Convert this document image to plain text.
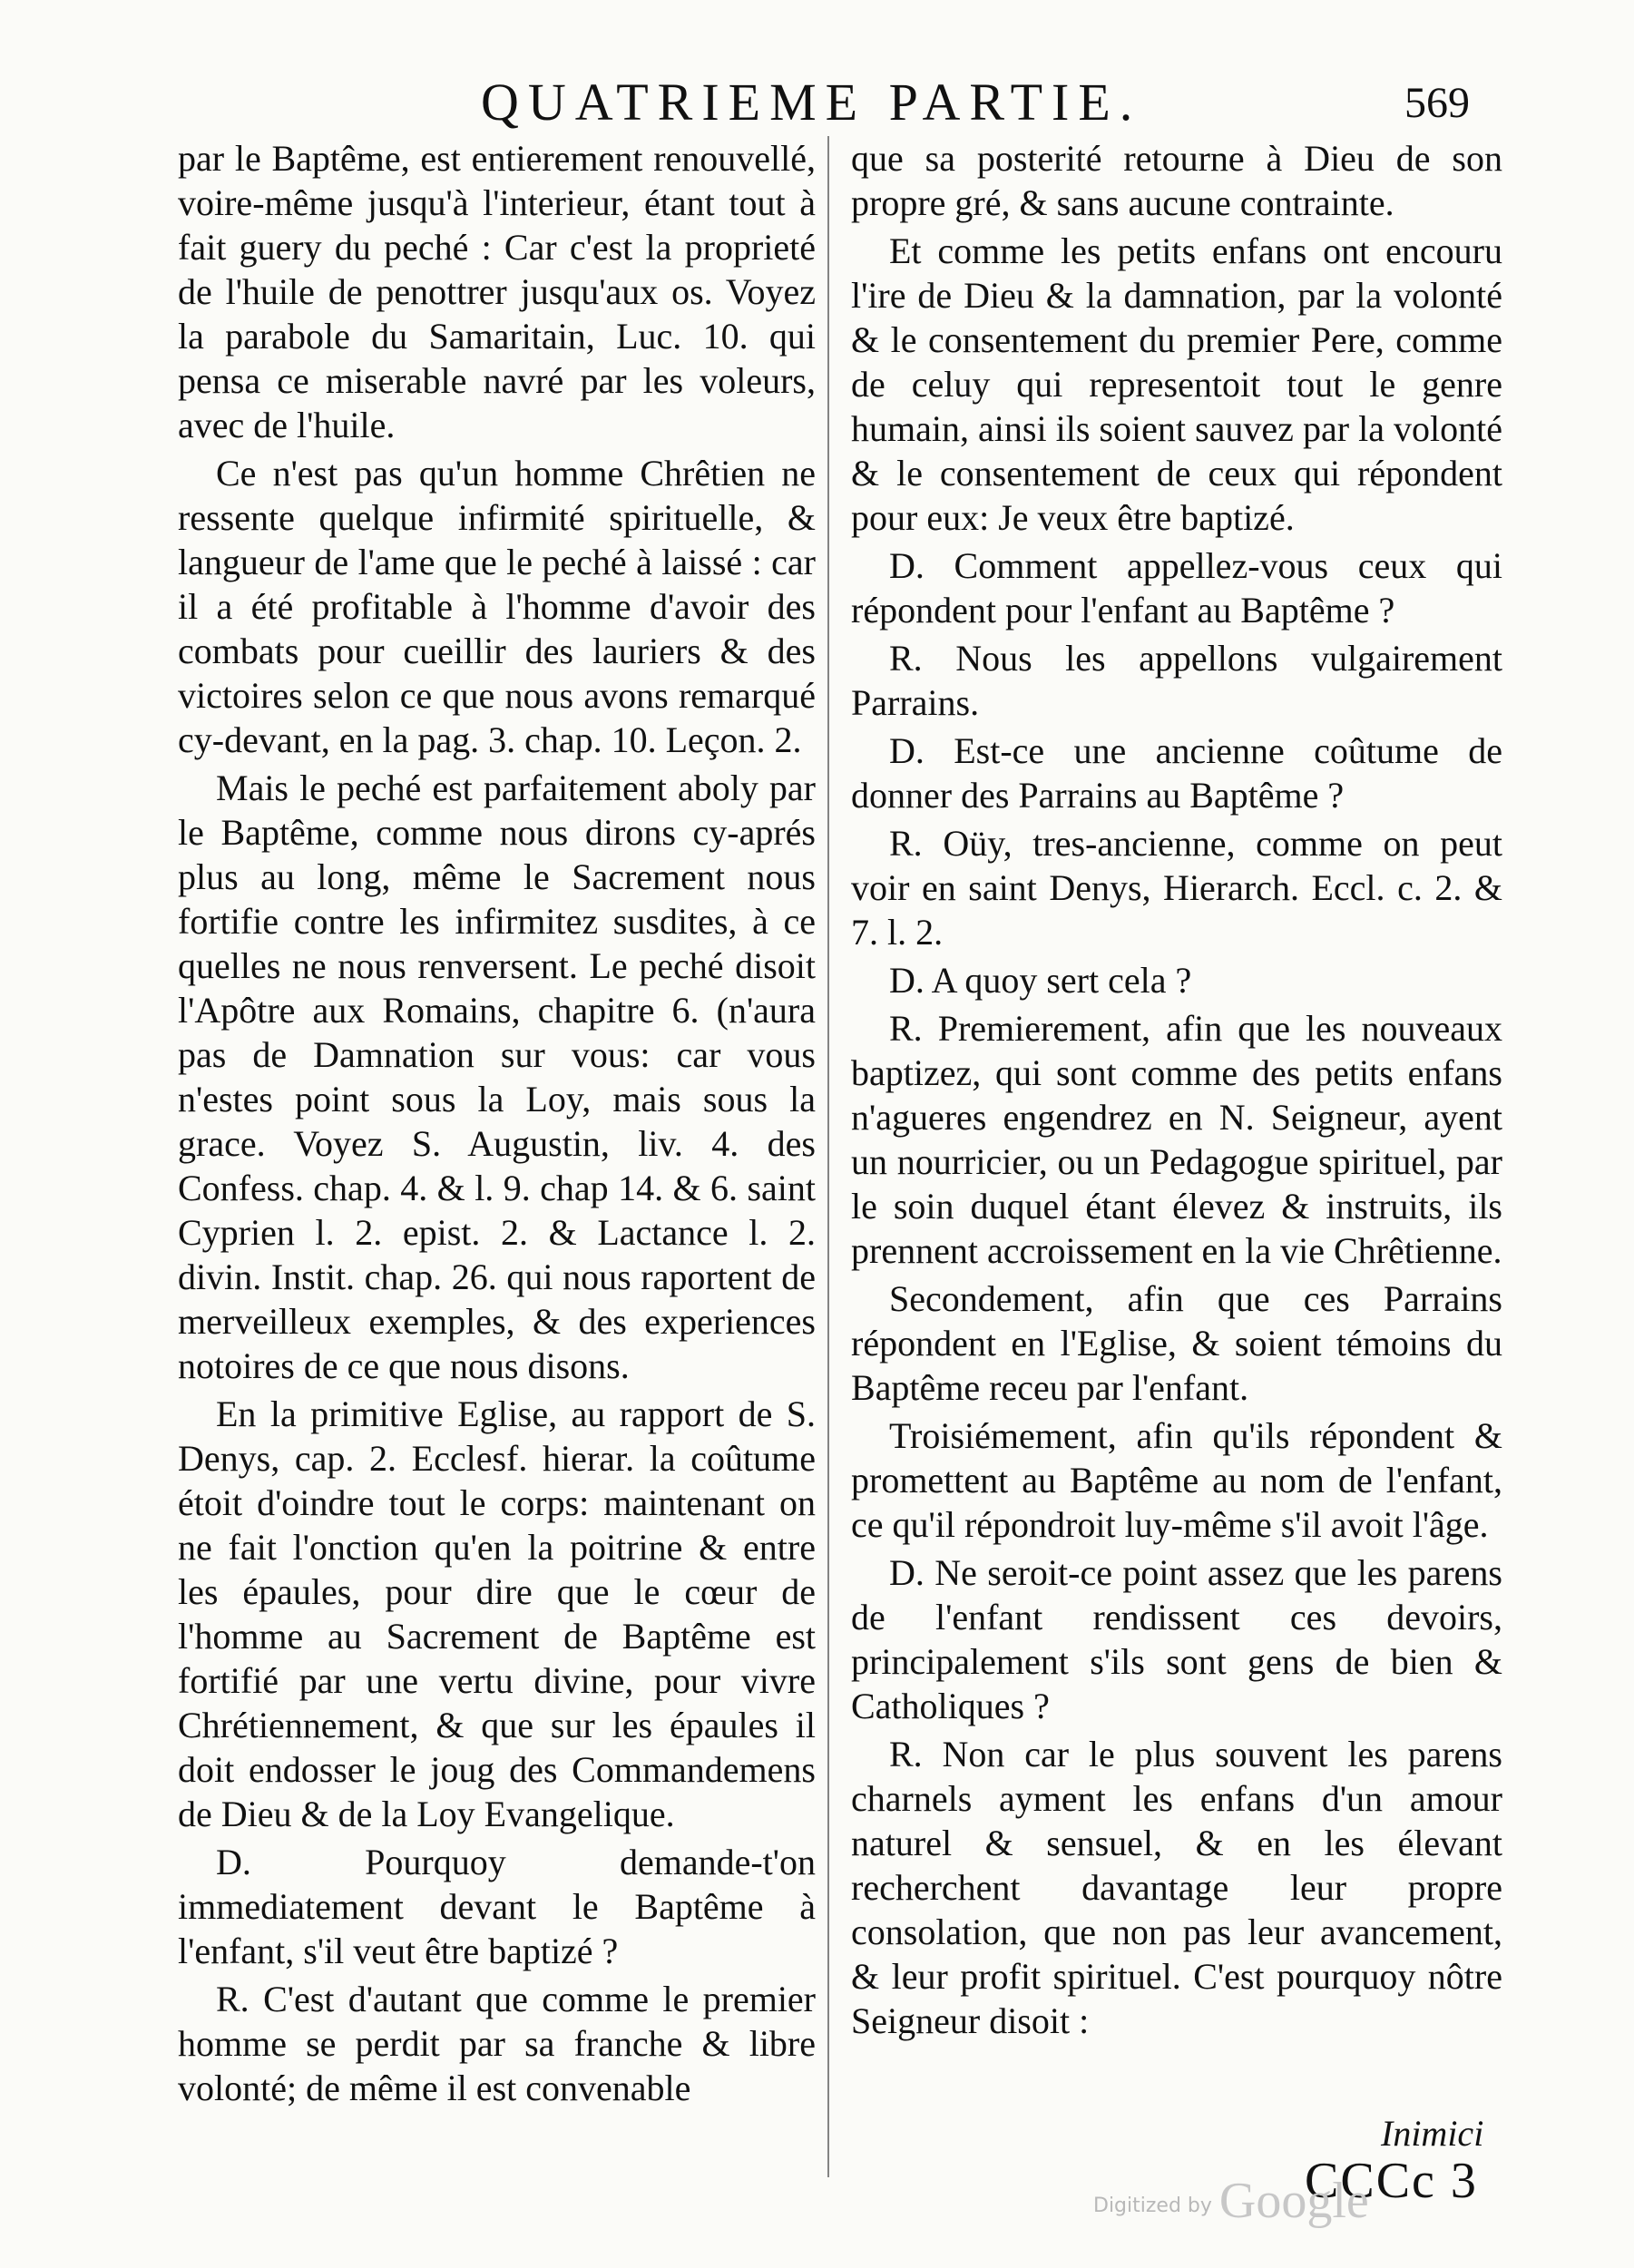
QUATRIEME PARTIE.	569

par le Baptême, est entierement renouvellé, voire-même jusqu'à l'interieur, étant tout à fait guery du peché : Car c'est la proprieté de l'huile de penottrer jusqu'aux os. Voyez la parabole du Samaritain, Luc. 10. qui pensa ce miserable navré par les voleurs, avec de l'huile.

Ce n'est pas qu'un homme Chrêtien ne ressente quelque infirmité spirituelle, & langueur de l'ame que le peché à laissé : car il a été profitable à l'homme d'avoir des combats pour cueillir des lauriers & des victoires selon ce que nous avons remarqué cy-devant, en la pag. 3. chap. 10. Leçon. 2.

Mais le peché est parfaitement aboly par le Baptême, comme nous dirons cy-aprés plus au long, même le Sacrement nous fortifie contre les infirmitez susdites, à ce quelles ne nous renversent. Le peché disoit l'Apôtre aux Romains, chapitre 6. (n'aura pas de Damnation sur vous: car vous n'estes point sous la Loy, mais sous la grace. Voyez S. Augustin, liv. 4. des Confess. chap. 4. & l. 9. chap 14. & 6. saint Cyprien l. 2. epist. 2. & Lactance l. 2. divin. Instit. chap. 26. qui nous raportent de merveilleux exemples, & des experiences notoires de ce que nous disons.

En la primitive Eglise, au rapport de S. Denys, cap. 2. Ecclesf. hierar. la coûtume étoit d'oindre tout le corps: maintenant on ne fait l'onction qu'en la poitrine & entre les épaules, pour dire que le cœur de l'homme au Sacrement de Baptême est fortifié par une vertu divine, pour vivre Chrétiennement, & que sur les épaules il doit endosser le joug des Commandemens de Dieu & de la Loy Evangelique.

D. Pourquoy demande-t'on immediatement devant le Baptême à l'enfant, s'il veut être baptizé ?

R. C'est d'autant que comme le premier homme se perdit par sa franche & libre volonté; de même il est convenable

que sa posterité retourne à Dieu de son propre gré, & sans aucune contrainte.

Et comme les petits enfans ont encouru l'ire de Dieu & la damnation, par la volonté & le consentement du premier Pere, comme de celuy qui representoit tout le genre humain, ainsi ils soient sauvez par la volonté & le consentement de ceux qui répondent pour eux: Je veux être baptizé.

D. Comment appellez-vous ceux qui répondent pour l'enfant au Baptême ?

R. Nous les appellons vulgairement Parrains.

D. Est-ce une ancienne coûtume de donner des Parrains au Baptême ?

R. Oüy, tres-ancienne, comme on peut voir en saint Denys, Hierarch. Eccl. c. 2. & 7. l. 2.

D. A quoy sert cela ?

R. Premierement, afin que les nouveaux baptizez, qui sont comme des petits enfans n'agueres engendrez en N. Seigneur, ayent un nourricier, ou un Pedagogue spirituel, par le soin duquel étant élevez & instruits, ils prennent accroissement en la vie Chrêtienne.

Secondement, afin que ces Parrains répondent en l'Eglise, & soient témoins du Baptême receu par l'enfant.

Troisiémement, afin qu'ils répondent & promettent au Baptême au nom de l'enfant, ce qu'il répondroit luy-même s'il avoit l'âge.

D. Ne seroit-ce point assez que les parens de l'enfant rendissent ces devoirs, principalement s'ils sont gens de bien & Catholiques ?

R. Non car le plus souvent les parens charnels ayment les enfans d'un amour naturel & sensuel, & en les élevant recherchent davantage leur propre consolation, que non pas leur avancement, & leur profit spirituel. C'est pourquoy nôtre Seigneur disoit :

Inimici
CCCc 3
Digitized by Google
